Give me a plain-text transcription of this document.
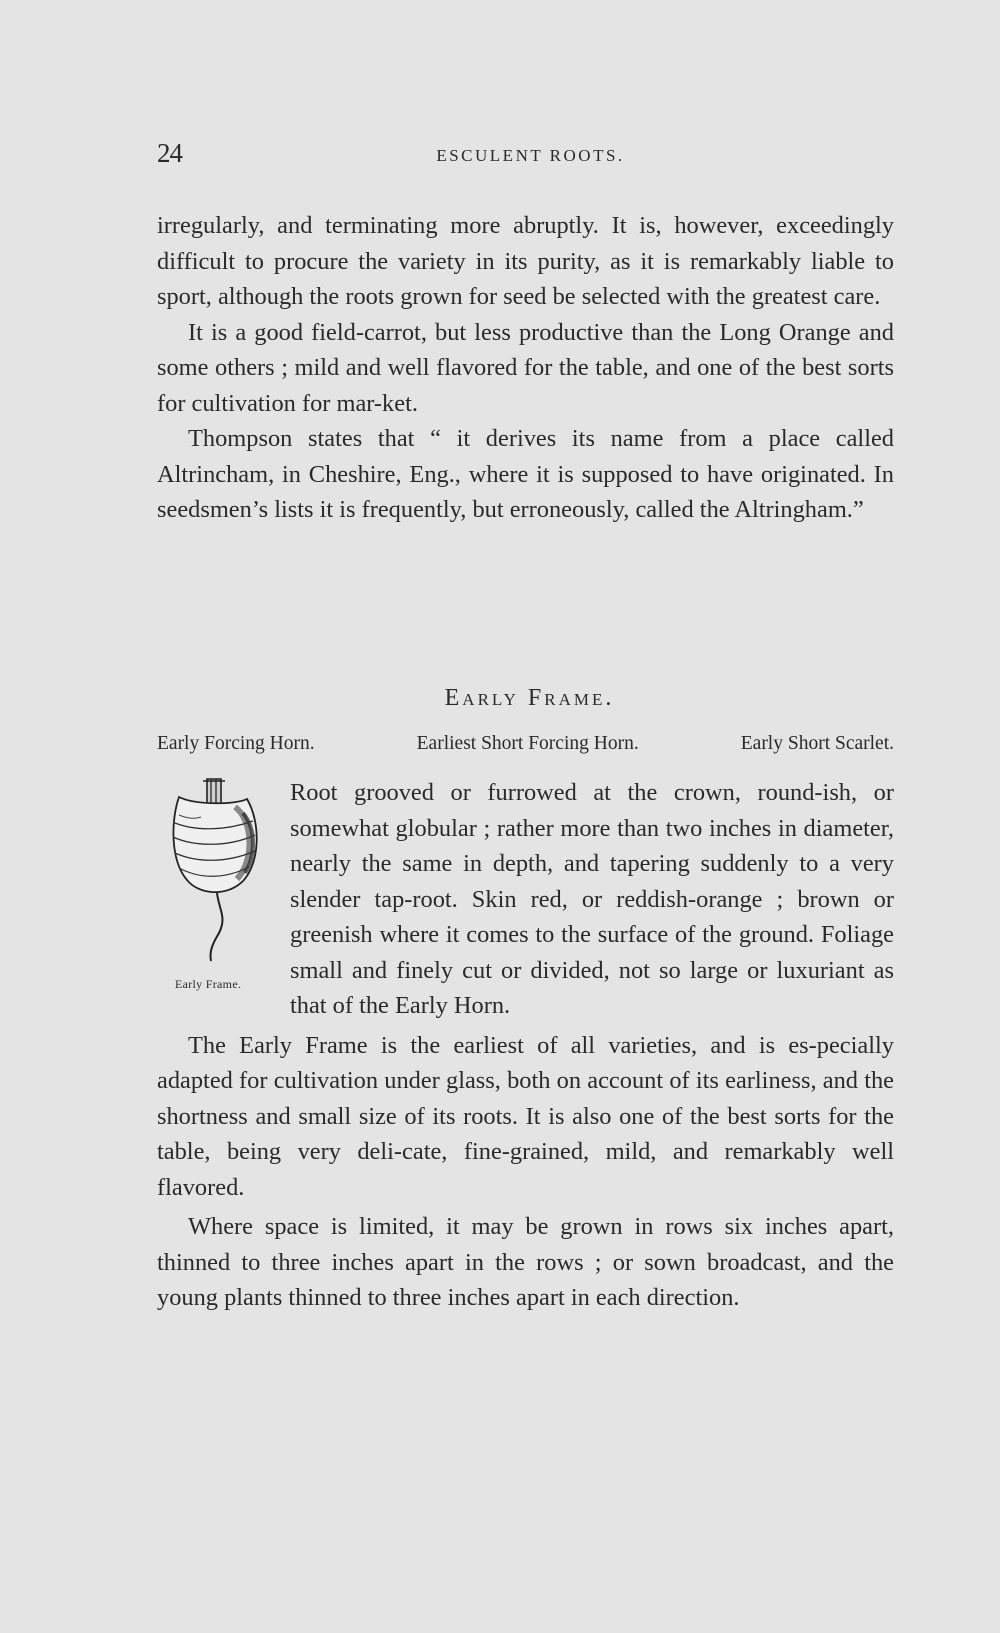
24	ESCULENT ROOTS.

irregularly, and terminating more abruptly. It is, however, exceedingly difficult to procure the variety in its purity, as it is remarkably liable to sport, although the roots grown for seed be selected with the greatest care.

It is a good field-carrot, but less productive than the Long Orange and some others ; mild and well flavored for the table, and one of the best sorts for cultivation for mar-ket.

Thompson states that “ it derives its name from a place called Altrincham, in Cheshire, Eng., where it is supposed to have originated. In seedsmen’s lists it is frequently, but erroneously, called the Altringham.”

Early Frame.
Early Forcing Horn.	Earliest Short Forcing Horn.	Early Short Scarlet.
Early Frame.

Root grooved or furrowed at the crown, round-ish, or somewhat globular ; rather more than two inches in diameter, nearly the same in depth, and tapering suddenly to a very slender tap-root. Skin red, or reddish-orange ; brown or greenish where it comes to the surface of the ground. Foliage small and finely cut or divided, not so large or luxuriant as that of the Early Horn.

The Early Frame is the earliest of all varieties, and is es-pecially adapted for cultivation under glass, both on account of its earliness, and the shortness and small size of its roots. It is also one of the best sorts for the table, being very deli-cate, fine-grained, mild, and remarkably well flavored.

Where space is limited, it may be grown in rows six inches apart, thinned to three inches apart in the rows ; or sown broadcast, and the young plants thinned to three inches apart in each direction.
